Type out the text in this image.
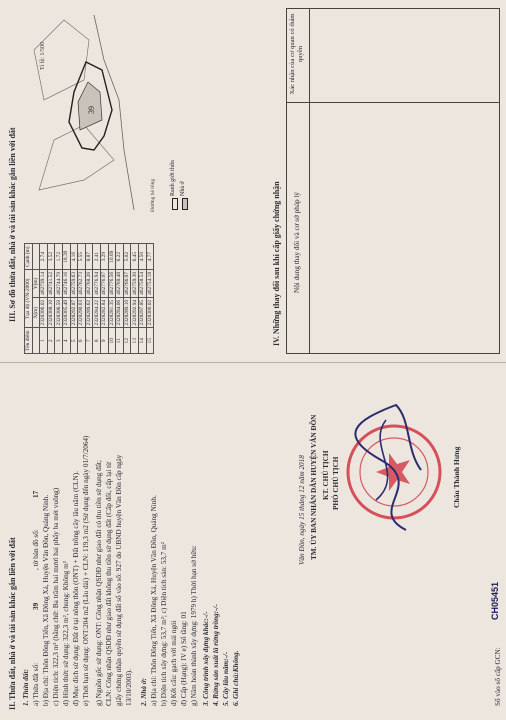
II. Thửa đất, nhà ở và tài sản khác gắn liền với đất 1. Thửa đất: a) Thửa đất số:
39
, tờ bản đồ số:
17
b) Địa chỉ: Thôn Đông Tiến, Xã Đông Xá, Huyện Vân Đồn, Quảng Ninh. c) Diện tích: 322,3 m² (bằng chữ: Ba trăm hai mươi hai phẩy ba mét vuông) d) Hình thức sử dụng: 322,3 m², chung: Không m² đ) Mục đích sử dụng: Đất ở tại nông thôn (ONT) + Đất trồng cây lâu năm (CLN). e) Thời hạn sử dụng: ONT:204 m2 (Lâu dài) + CLN: 119,3 m2 (Sử dụng đến ngày 01/7/2064) g) Nguồn gốc sử dụng: ONT: Công nhận QSDĐ như giao đất có thu tiền sử dụng đất; CLN: Công nhận QSDĐ như giao đất không thu tiền sử dụng đất (Cấp đổi, cấp lại từ giấy chứng nhận quyền sử dụng đất số vào sổ: 927 do UBND huyện Vân Đồn cấp ngày 13/10/2003). 2. Nhà ở: a) Địa chỉ: Thôn Đông Tiến, Xã Đông Xá, Huyện Vân Đồn, Quảng Ninh. b) Diện tích xây dựng: 53,7 m²; c) Diện tích sàn: 53,7 m² d) Kết cấu: gạch với mái ngói đ) Cấp (Hạng): IV e) Số tầng: 01 g) Năm hoàn thành xây dựng: 1979 h) Thời hạn sở hữu: 3. Công trình xây dựng khác:-/- 4. Rừng sản xuất là rừng trồng:-/- 5. Cây lâu năm:-/- 6. Ghi chú:Không.
Vân Đồn, ngày 15 tháng 12 năm 2018 TM. ỦY BAN NHÂN DÂN HUYỆN VÂN ĐỒN KT. CHỦ TỊCH PHÓ CHỦ TỊCH	Châu Thành Hưng
Số vào sổ cấp GCN:
CH05451
III. Sơ đồ thửa đất, nhà ở và tài sản khác gắn liền với đất
Tên điểm	Tọa độ (VN-2000)		Cạnh (m)
	X(m)	Y(m)	
1	2328306.02	462739.14	2.74
2	2328308.10	462741.52	3.52
3	2328306.59	462744.79	1.72
4	2328305.49	462746.16	18.39
5	2328292.87	462759.63	4.16
6	2328290.03	462762.73	5.55
7	2328289.62	462768.26	8.87
8	2328284.22	462776.94	2.41
9	2328282.84	462776.97	3.29
10	2328281.35	462776.56	10.69
11	2328284.06	462768.48	6.22
12	2328289.10	462766.97	5.02
13	2328292.94	462759.30	6.45
14	2328297.85	462758.54	4.50
15	2328300.02	462754.18	4.77
39
Đường bê tông
Tỉ lệ: 1/500
Ranh giới thửa Nhà ở	IV. Những thay đổi sau khi cấp giấy chứng nhận Nội dung thay đổi và cơ sở pháp lý
Xác nhận của cơ quan có thẩm quyền
